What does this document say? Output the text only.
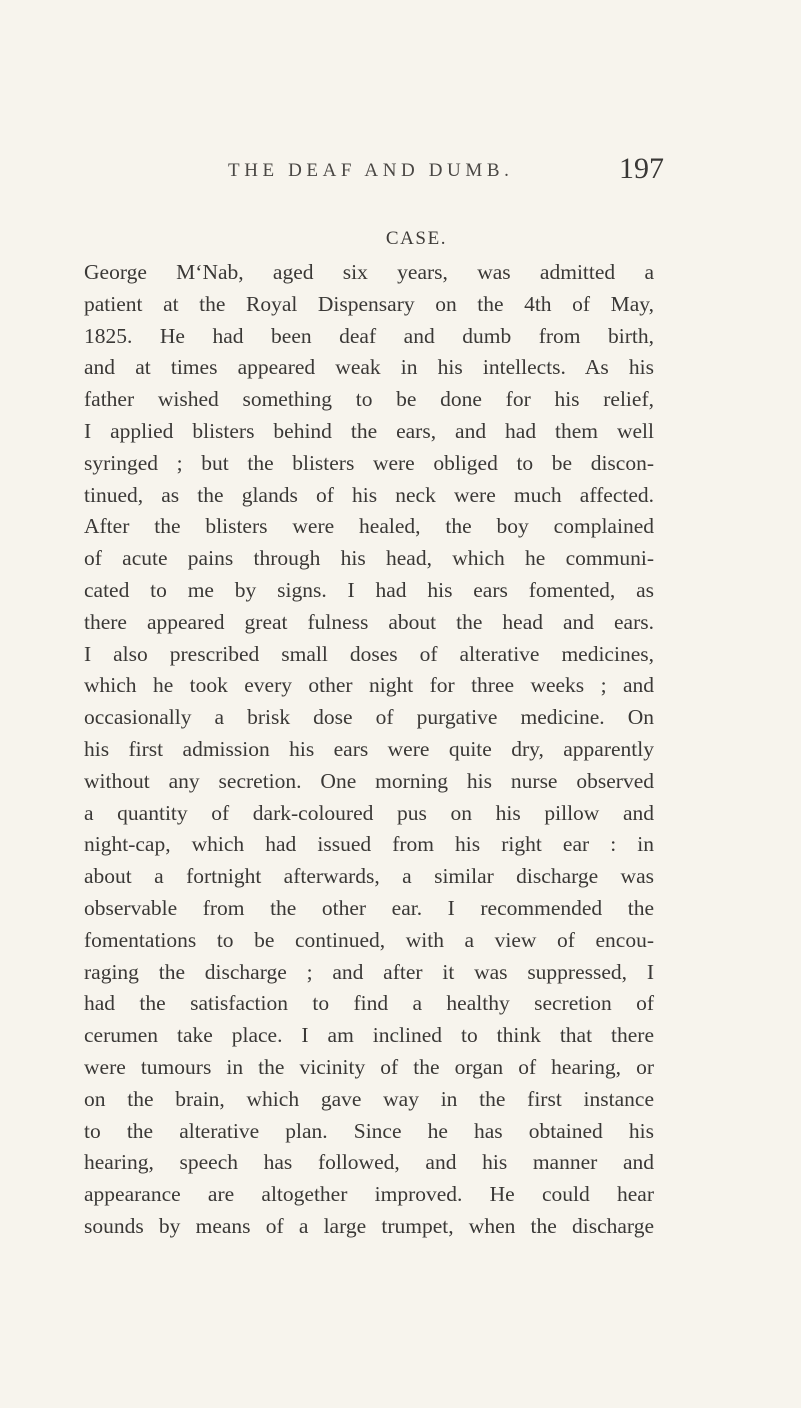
THE DEAF AND DUMB.	197
CASE.
George M‘Nab, aged six years, was admitted a
patient at the Royal Dispensary on the 4th of May,
1825. He had been deaf and dumb from birth,
and at times appeared weak in his intellects. As his
father wished something to be done for his relief,
I applied blisters behind the ears, and had them well
syringed ; but the blisters were obliged to be discon-
tinued, as the glands of his neck were much affected.
After the blisters were healed, the boy complained
of acute pains through his head, which he communi-
cated to me by signs. I had his ears fomented, as
there appeared great fulness about the head and ears.
I also prescribed small doses of alterative medicines,
which he took every other night for three weeks ; and
occasionally a brisk dose of purgative medicine. On
his first admission his ears were quite dry, apparently
without any secretion. One morning his nurse observed
a quantity of dark-coloured pus on his pillow and
night-cap, which had issued from his right ear : in
about a fortnight afterwards, a similar discharge was
observable from the other ear. I recommended the
fomentations to be continued, with a view of encou-
raging the discharge ; and after it was suppressed, I
had the satisfaction to find a healthy secretion of
cerumen take place. I am inclined to think that there
were tumours in the vicinity of the organ of hearing, or
on the brain, which gave way in the first instance
to the alterative plan. Since he has obtained his
hearing, speech has followed, and his manner and
appearance are altogether improved. He could hear
sounds by means of a large trumpet, when the discharge
